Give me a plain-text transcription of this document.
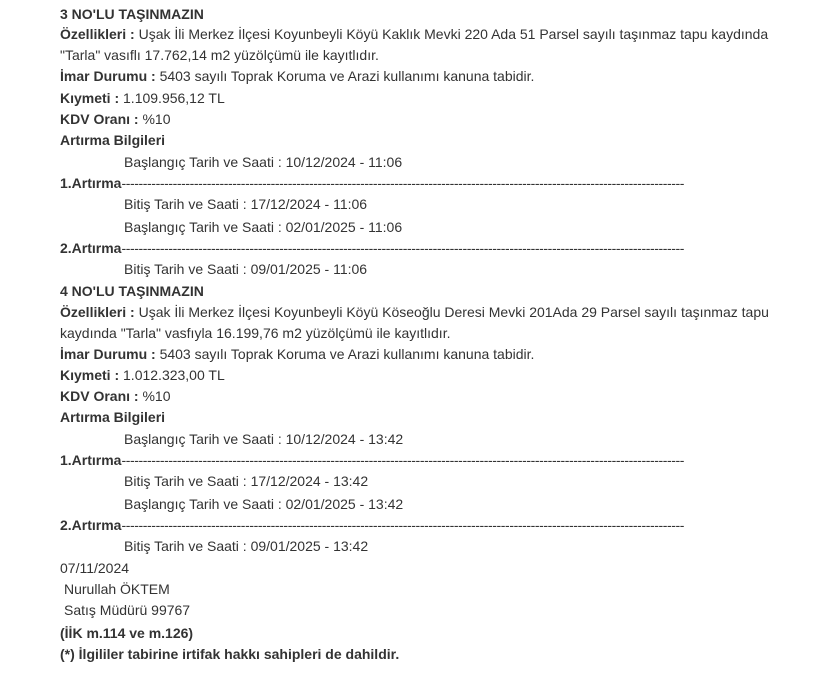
3 NO'LU TAŞINMAZIN
Özellikleri : Uşak İli Merkez İlçesi Koyunbeyli Köyü Kaklık Mevki 220 Ada 51 Parsel sayılı taşınmaz tapu kaydında
"Tarla" vasıflı 17.762,14 m2 yüzölçümü ile kayıtlıdır.
İmar Durumu : 5403 sayılı Toprak Koruma ve Arazi kullanımı kanuna tabidir.
Kıymeti : 1.109.956,12 TL
KDV Oranı : %10
Artırma Bilgileri
Başlangıç Tarih ve Saati : 10/12/2024 - 11:06
1.Artırma------------------------------------------------------------------------------------------------------------------------------------
Bitiş Tarih ve Saati : 17/12/2024 - 11:06
Başlangıç Tarih ve Saati : 02/01/2025 - 11:06
2.Artırma------------------------------------------------------------------------------------------------------------------------------------
Bitiş Tarih ve Saati : 09/01/2025 - 11:06
4 NO'LU TAŞINMAZIN
Özellikleri : Uşak İli Merkez İlçesi Koyunbeyli Köyü Köseoğlu Deresi Mevki 201Ada 29 Parsel sayılı taşınmaz tapu
kaydında "Tarla" vasfıyla 16.199,76 m2 yüzölçümü ile kayıtlıdır.
İmar Durumu : 5403 sayılı Toprak Koruma ve Arazi kullanımı kanuna tabidir.
Kıymeti : 1.012.323,00 TL
KDV Oranı : %10
Artırma Bilgileri
Başlangıç Tarih ve Saati : 10/12/2024 - 13:42
1.Artırma------------------------------------------------------------------------------------------------------------------------------------
Bitiş Tarih ve Saati : 17/12/2024 - 13:42
Başlangıç Tarih ve Saati : 02/01/2025 - 13:42
2.Artırma------------------------------------------------------------------------------------------------------------------------------------
Bitiş Tarih ve Saati : 09/01/2025 - 13:42
07/11/2024
Nurullah ÖKTEM
Satış Müdürü 99767
(İİK m.114 ve m.126)
(*) İlgililer tabirine irtifak hakkı sahipleri de dahildir.
